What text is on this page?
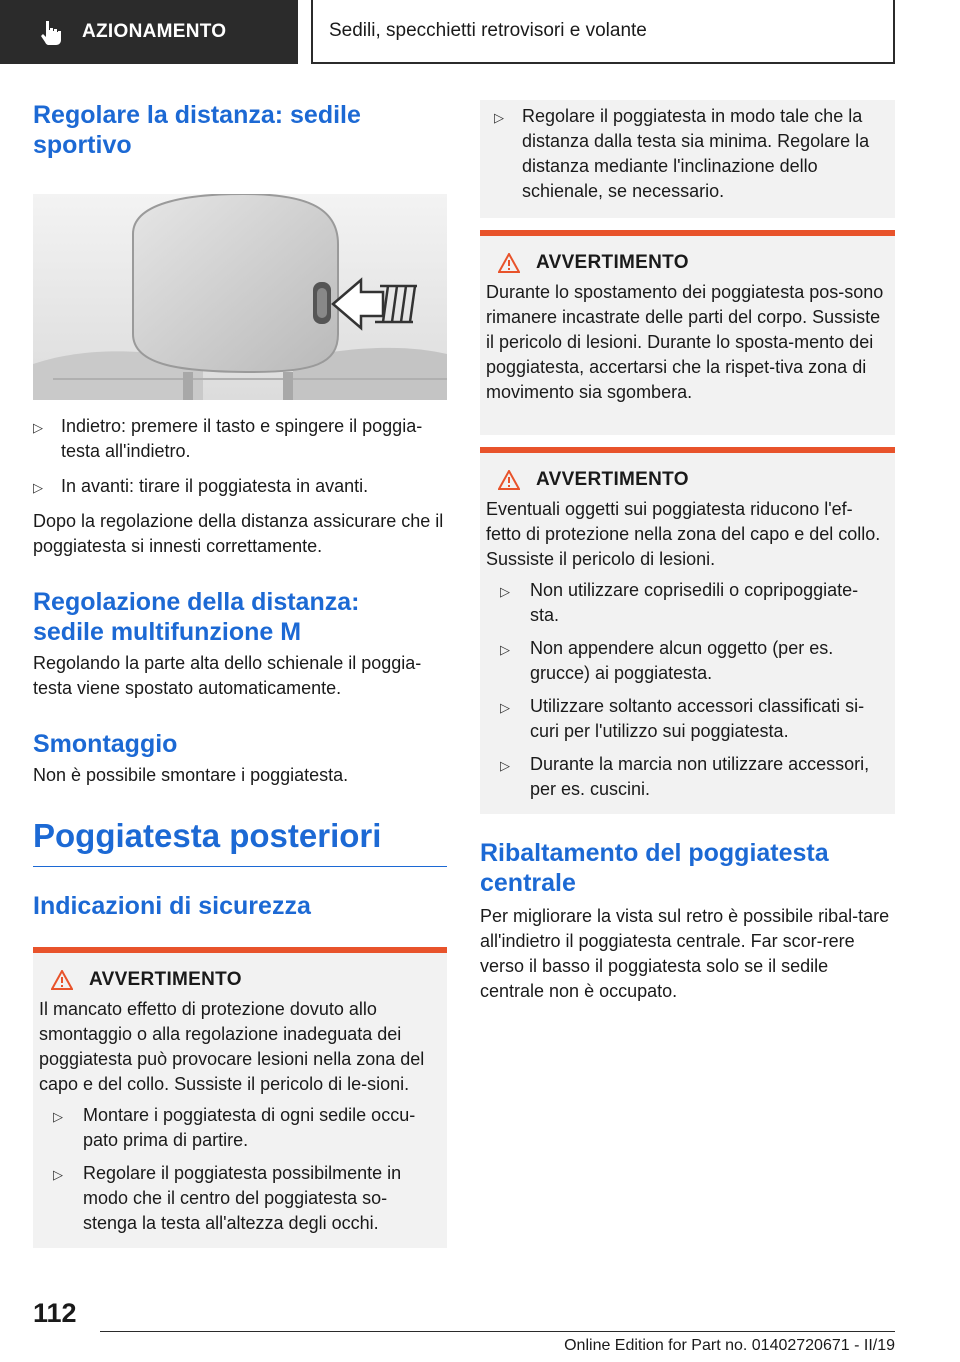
AZIONAMENTO	Sedili, specchietti retrovisori e volante
Regolare la distanza: sedile sportivo
▷ Indietro: premere il tasto e spingere il poggia-testa all'indietro.
▷ In avanti: tirare il poggiatesta in avanti.

Dopo la regolazione della distanza assicurare che il poggiatesta si innesti correttamente.

Regolazione della distanza: sedile multifunzione M

Regolando la parte alta dello schienale il poggia-testa viene spostato automaticamente.

Smontaggio

Non è possibile smontare i poggiatesta.

Poggiatesta posteriori
Indicazioni di sicurezza
AVVERTIMENTO

Il mancato effetto di protezione dovuto allo smontaggio o alla regolazione inadeguata dei poggiatesta può provocare lesioni nella zona del capo e del collo. Sussiste il pericolo di le-sioni.

▷ Montare i poggiatesta di ogni sedile occu-pato prima di partire.
▷ Regolare il poggiatesta possibilmente in modo che il centro del poggiatesta so-stenga la testa all'altezza degli occhi.
▷ Regolare il poggiatesta in modo tale che la distanza dalla testa sia minima. Regolare la distanza mediante l'inclinazione dello schienale, se necessario.
AVVERTIMENTO

Durante lo spostamento dei poggiatesta pos-sono rimanere incastrate delle parti del corpo. Sussiste il pericolo di lesioni. Durante lo sposta-mento dei poggiatesta, accertarsi che la rispet-tiva zona di movimento sia sgombera.

AVVERTIMENTO

Eventuali oggetti sui poggiatesta riducono l'ef-fetto di protezione nella zona del capo e del collo. Sussiste il pericolo di lesioni.

▷ Non utilizzare coprisedili o copripoggiate-sta.
▷ Non appendere alcun oggetto (per es. grucce) ai poggiatesta.
▷ Utilizzare soltanto accessori classificati si-curi per l'utilizzo sui poggiatesta.
▷ Durante la marcia non utilizzare accessori, per es. cuscini.
Ribaltamento del poggiatesta centrale

Per migliorare la vista sul retro è possibile ribal-tare all'indietro il poggiatesta centrale. Far scor-rere verso il basso il poggiatesta solo se il sedile centrale non è occupato.

112
Online Edition for Part no. 01402720671 - II/19
